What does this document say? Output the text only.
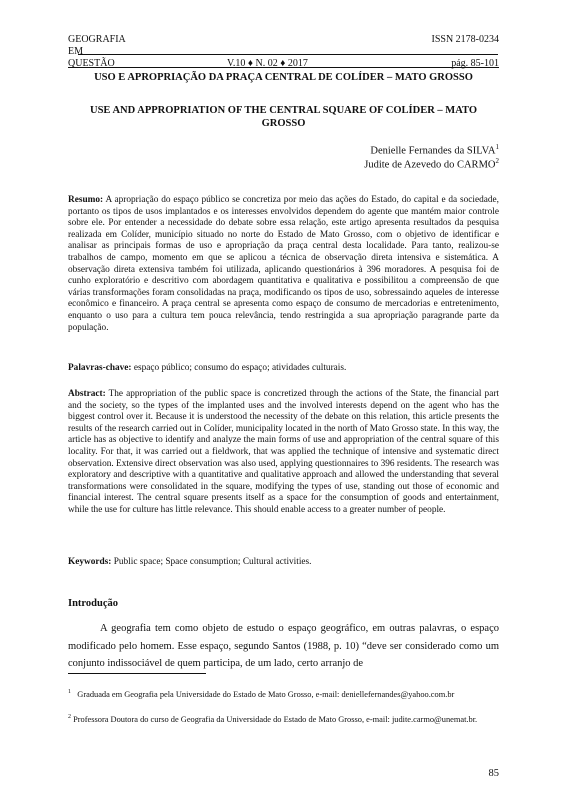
GEOGRAFIA
EM
QUESTÃO
ISSN 2178-0234
V.10 ♦ N. 02 ♦ 2017	pág. 85-101
USO E APROPRIAÇÃO DA PRAÇA CENTRAL DE COLÍDER – MATO GROSSO
USE AND APPROPRIATION OF THE CENTRAL SQUARE OF COLÍDER – MATO GROSSO
Denielle Fernandes da SILVA$^1$
Judite de Azevedo do CARMO$^2$
Resumo: A apropriação do espaço público se concretiza por meio das ações do Estado, do capital e da sociedade, portanto os tipos de usos implantados e os interesses envolvidos dependem do agente que mantém maior controle sobre ele. Por entender a necessidade do debate sobre essa relação, este artigo apresenta resultados da pesquisa realizada em Colíder, município situado no norte do Estado de Mato Grosso, com o objetivo de identificar e analisar as principais formas de uso e apropriação da praça central desta localidade. Para tanto, realizou-se trabalhos de campo, momento em que se aplicou a técnica de observação direta intensiva e sistemática. A observação direta extensiva também foi utilizada, aplicando questionários à 396 moradores. A pesquisa foi de cunho exploratório e descritivo com abordagem quantitativa e qualitativa e possibilitou a compreensão de que várias transformações foram consolidadas na praça, modificando os tipos de uso, sobressaindo aqueles de interesse econômico e financeiro. A praça central se apresenta como espaço de consumo de mercadorias e entretenimento, enquanto o uso para a cultura tem pouca relevância, tendo restringida a sua apropriação paragrande parte da população.
Palavras-chave: espaço público; consumo do espaço; atividades culturais.
Abstract: The appropriation of the public space is concretized through the actions of the State, the financial part and the society, so the types of the implanted uses and the involved interests depend on the agent who has the biggest control over it. Because it is understood the necessity of the debate on this relation, this article presents the results of the research carried out in Colíder, municipality located in the north of Mato Grosso state. In this way, the article has as objective to identify and analyze the main forms of use and appropriation of the central square of this locality. For that, it was carried out a fieldwork, that was applied the technique of intensive and systematic direct observation. Extensive direct observation was also used, applying questionnaires to 396 residents. The research was exploratory and descriptive with a quantitative and qualitative approach and allowed the understanding that several transformations were consolidated in the square, modifying the types of use, standing out those of economic and financial interest. The central square presents itself as a space for the consumption of goods and entertainment, while the use for culture has little relevance. This should enable access to a greater number of people.
Keywords: Public space; Space consumption; Cultural activities.
Introdução
A geografia tem como objeto de estudo o espaço geográfico, em outras palavras, o espaço modificado pelo homem. Esse espaço, segundo Santos (1988, p. 10) “deve ser considerado como um conjunto indissociável de quem participa, de um lado, certo arranjo de
$^1$ Graduada em Geografia pela Universidade do Estado de Mato Grosso, e-mail: deniellefernandes@yahoo.com.br
$^2$ Professora Doutora do curso de Geografia da Universidade do Estado de Mato Grosso, e-mail: judite.carmo@unemat.br.
85
